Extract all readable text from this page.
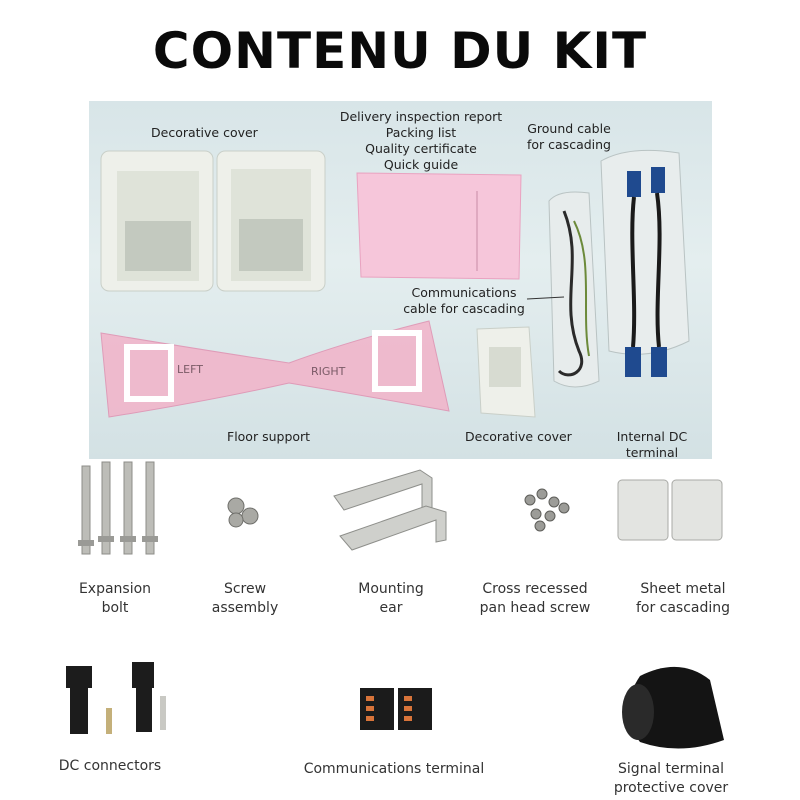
CONTENU DU KIT
LEFT	RIGHT
Decorative cover
Delivery inspection report
Packing list
Quality certificate
Quick guide
Ground cable
for cascading
Communications
cable for cascading
Floor support	Decorative cover	Internal DC
terminal
Expansion
bolt
Screw
assembly
Mounting
ear
Cross recessed
pan head screw
Sheet metal
for cascading
DC connectors	Communications terminal	Signal terminal
protective cover
